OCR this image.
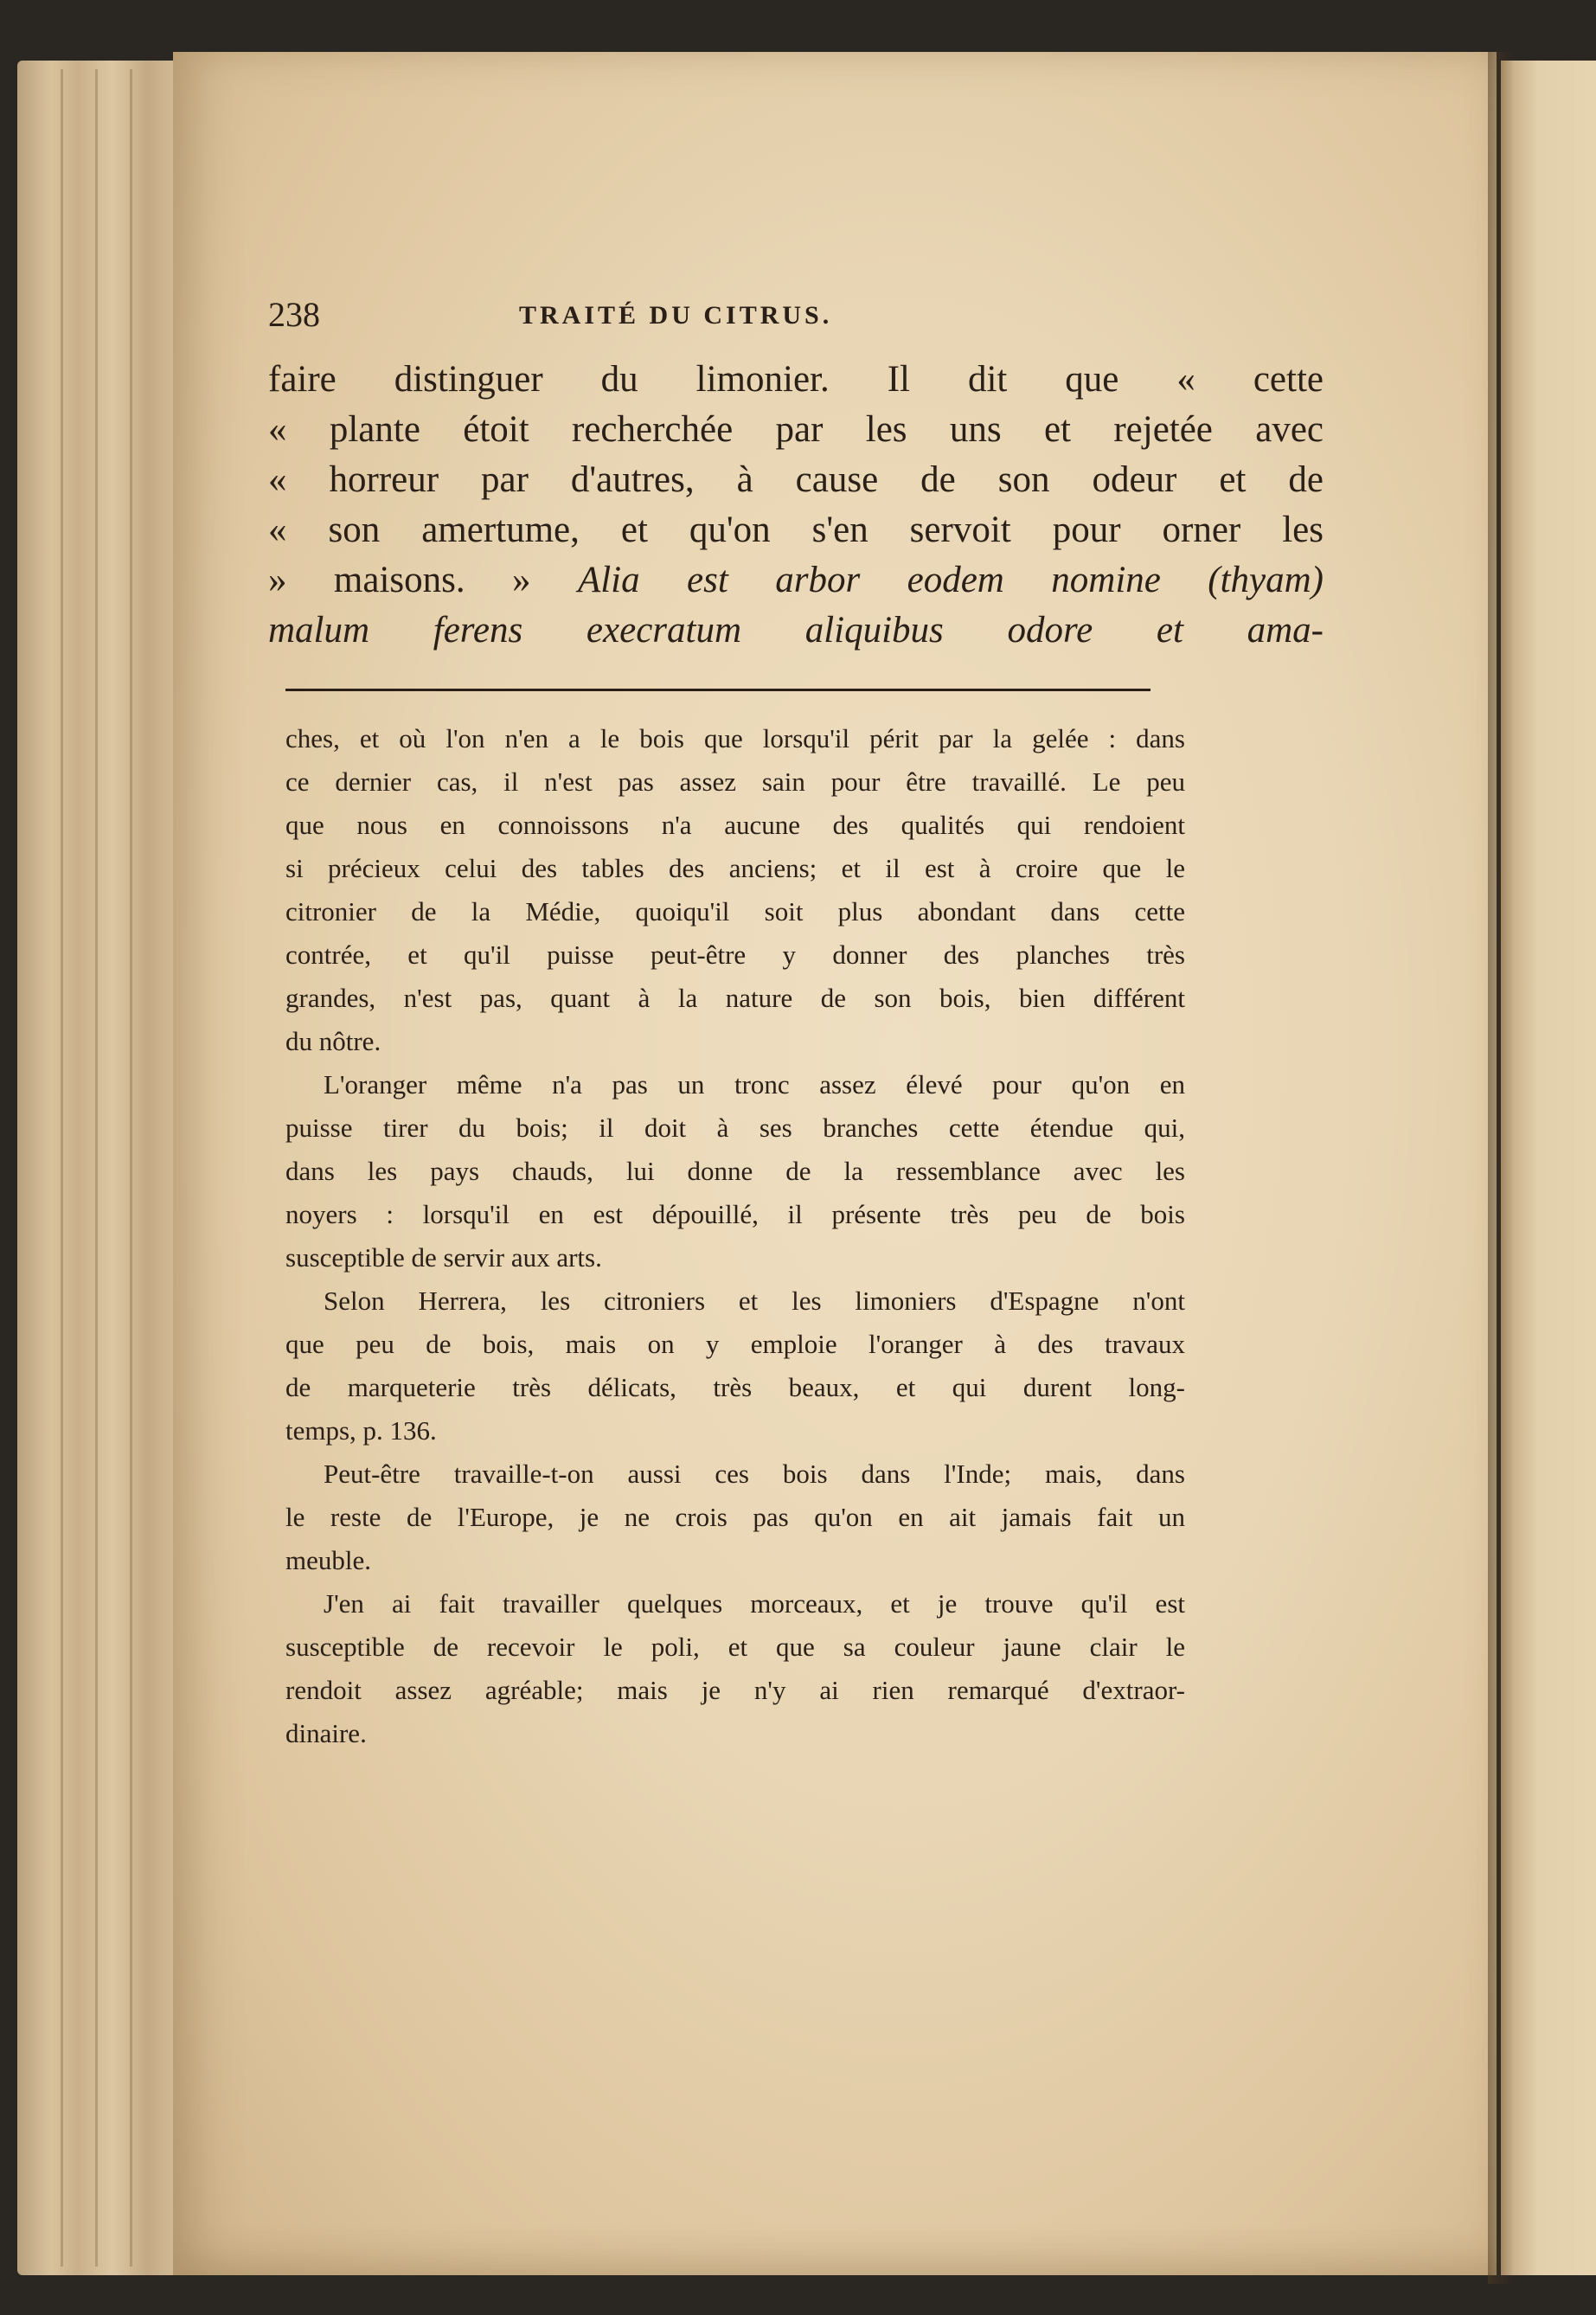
238	TRAITÉ DU CITRUS.
faire distinguer du limonier. Il dit que « cette
« plante étoit recherchée par les uns et rejetée avec
« horreur par d'autres, à cause de son odeur et de
« son amertume, et qu'on s'en servoit pour orner les
» maisons. » Alia est arbor eodem nomine (thyam)
malum ferens execratum aliquibus odore et ama-
ches, et où l'on n'en a le bois que lorsqu'il périt par la gelée : dans
ce dernier cas, il n'est pas assez sain pour être travaillé. Le peu
que nous en connoissons n'a aucune des qualités qui rendoient
si précieux celui des tables des anciens; et il est à croire que le
citronier de la Médie, quoiqu'il soit plus abondant dans cette
contrée, et qu'il puisse peut-être y donner des planches très
grandes, n'est pas, quant à la nature de son bois, bien différent
du nôtre.
L'oranger même n'a pas un tronc assez élevé pour qu'on en
puisse tirer du bois; il doit à ses branches cette étendue qui,
dans les pays chauds, lui donne de la ressemblance avec les
noyers : lorsqu'il en est dépouillé, il présente très peu de bois
susceptible de servir aux arts.
Selon Herrera, les citroniers et les limoniers d'Espagne n'ont
que peu de bois, mais on y emploie l'oranger à des travaux
de marqueterie très délicats, très beaux, et qui durent long-
temps, p. 136.
Peut-être travaille-t-on aussi ces bois dans l'Inde; mais, dans
le reste de l'Europe, je ne crois pas qu'on en ait jamais fait un
meuble.
J'en ai fait travailler quelques morceaux, et je trouve qu'il est
susceptible de recevoir le poli, et que sa couleur jaune clair le
rendoit assez agréable; mais je n'y ai rien remarqué d'extraor-
dinaire.
